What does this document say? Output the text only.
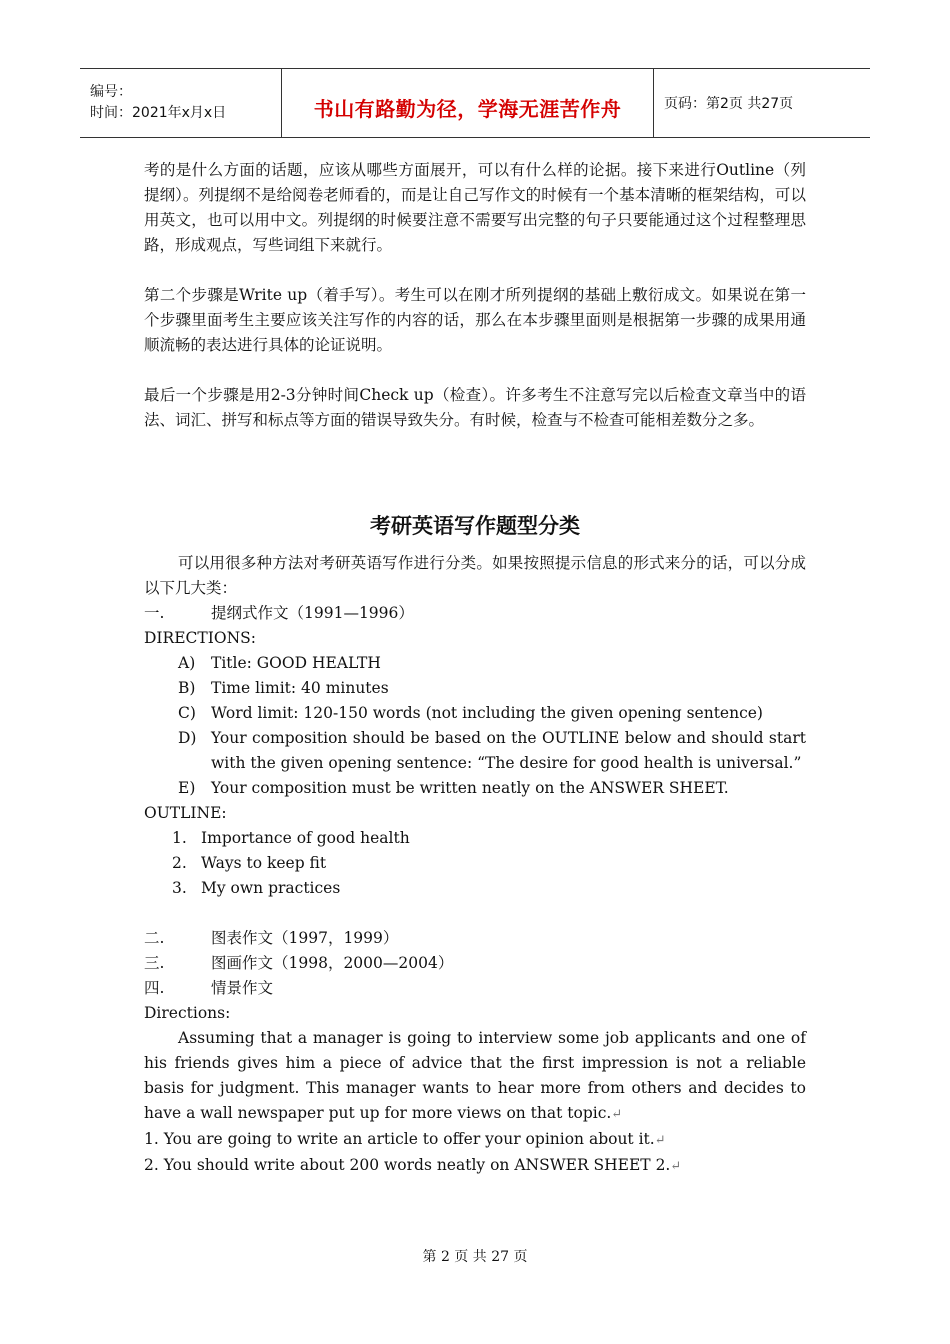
编号：
时间：2021年x月x日	书山有路勤为径，学海无涯苦作舟	页码：第2页 共27页

考的是什么方面的话题，应该从哪些方面展开，可以有什么样的论据。接下来进行Outline（列提纲）。列提纲不是给阅卷老师看的，而是让自己写作文的时候有一个基本清晰的框架结构，可以用英文，也可以用中文。列提纲的时候要注意不需要写出完整的句子只要能通过这个过程整理思路，形成观点，写些词组下来就行。

第二个步骤是Write up（着手写）。考生可以在刚才所列提纲的基础上敷衍成文。如果说在第一个步骤里面考生主要应该关注写作的内容的话，那么在本步骤里面则是根据第一步骤的成果用通顺流畅的表达进行具体的论证说明。

最后一个步骤是用2-3分钟时间Check up（检查）。许多考生不注意写完以后检查文章当中的语法、词汇、拼写和标点等方面的错误导致失分。有时候，检查与不检查可能相差数分之多。

考研英语写作题型分类

可以用很多种方法对考研英语写作进行分类。如果按照提示信息的形式来分的话，可以分成以下几大类：

一.	提纲式作文（1991—1996）

DIRECTIONS:

A)	Title: GOOD HEALTH
B)	Time limit: 40 minutes
C) Word limit: 120-150 words (not including the given opening sentence)
D) Your composition should be based on the OUTLINE below and should start with the given opening sentence: “The desire for good health is universal.”
E)	Your composition must be written neatly on the ANSWER SHEET.

OUTLINE:

1. Importance of good health
2. Ways to keep fit
3. My own practices
二.	图表作文（1997，1999）
三.	图画作文（1998，2000—2004）
四.	情景作文

Directions:

Assuming that a manager is going to interview some job applicants and one of his friends gives him a piece of advice that the first impression is not a reliable basis for judgment. This manager wants to hear more from others and decides to have a wall newspaper put up for more views on that topic.↵

1. You are going to write an article to offer your opinion about it.↵

2. You should write about 200 words neatly on ANSWER SHEET 2.↵

第 2 页 共 27 页
